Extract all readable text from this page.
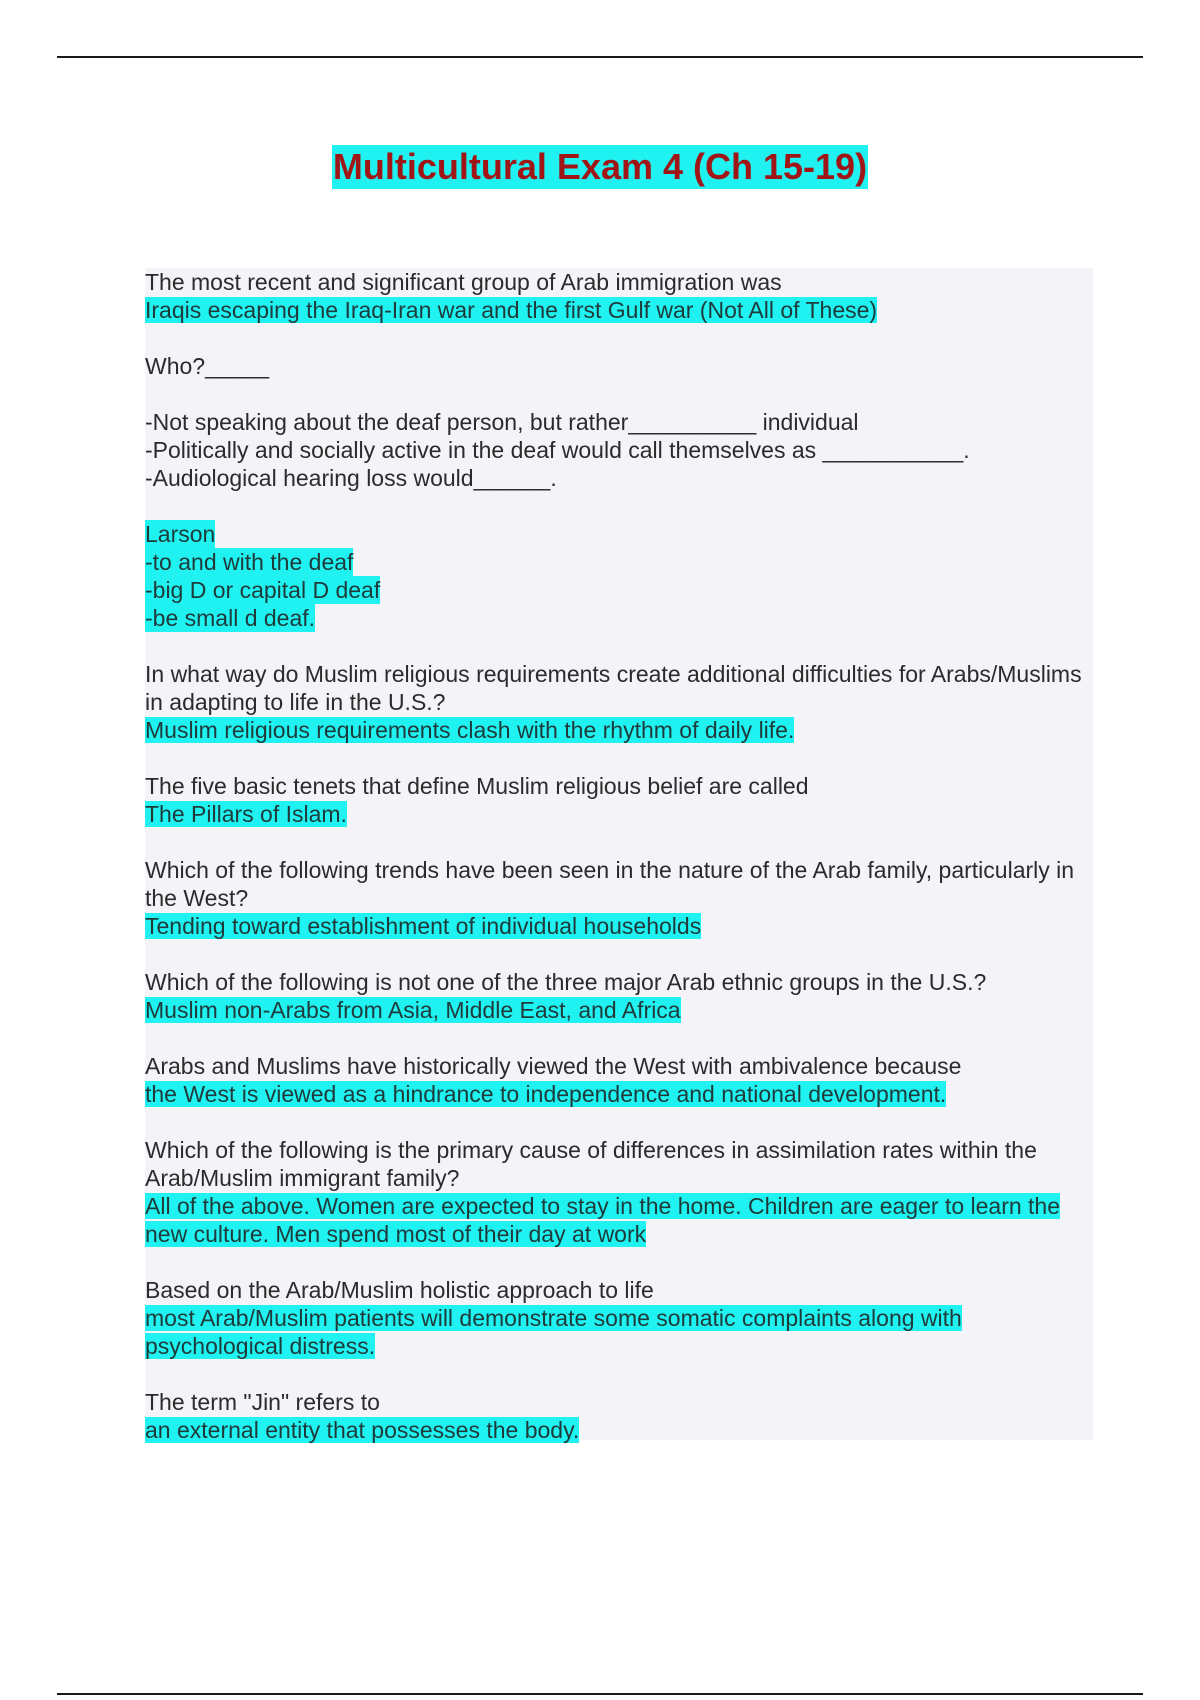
Multicultural Exam 4 (Ch 15-19)
The most recent and significant group of Arab immigration was
Iraqis escaping the Iraq-Iran war and the first Gulf war (Not All of These)
Who?_____
-Not speaking about the deaf person, but rather__________ individual
-Politically and socially active in the deaf would call themselves as ___________.
-Audiological hearing loss would______.
Larson
-to and with the deaf
-big D or capital D deaf
-be small d deaf.
In what way do Muslim religious requirements create additional difficulties for Arabs/Muslims in adapting to life in the U.S.?
Muslim religious requirements clash with the rhythm of daily life.
The five basic tenets that define Muslim religious belief are called
The Pillars of Islam.
Which of the following trends have been seen in the nature of the Arab family, particularly in the West?
Tending toward establishment of individual households
Which of the following is not one of the three major Arab ethnic groups in the U.S.?
Muslim non-Arabs from Asia, Middle East, and Africa
Arabs and Muslims have historically viewed the West with ambivalence because
the West is viewed as a hindrance to independence and national development.
Which of the following is the primary cause of differences in assimilation rates within the Arab/Muslim immigrant family?
All of the above. Women are expected to stay in the home. Children are eager to learn the new culture. Men spend most of their day at work
Based on the Arab/Muslim holistic approach to life
most Arab/Muslim patients will demonstrate some somatic complaints along with psychological distress.
The term "Jin" refers to
an external entity that possesses the body.
